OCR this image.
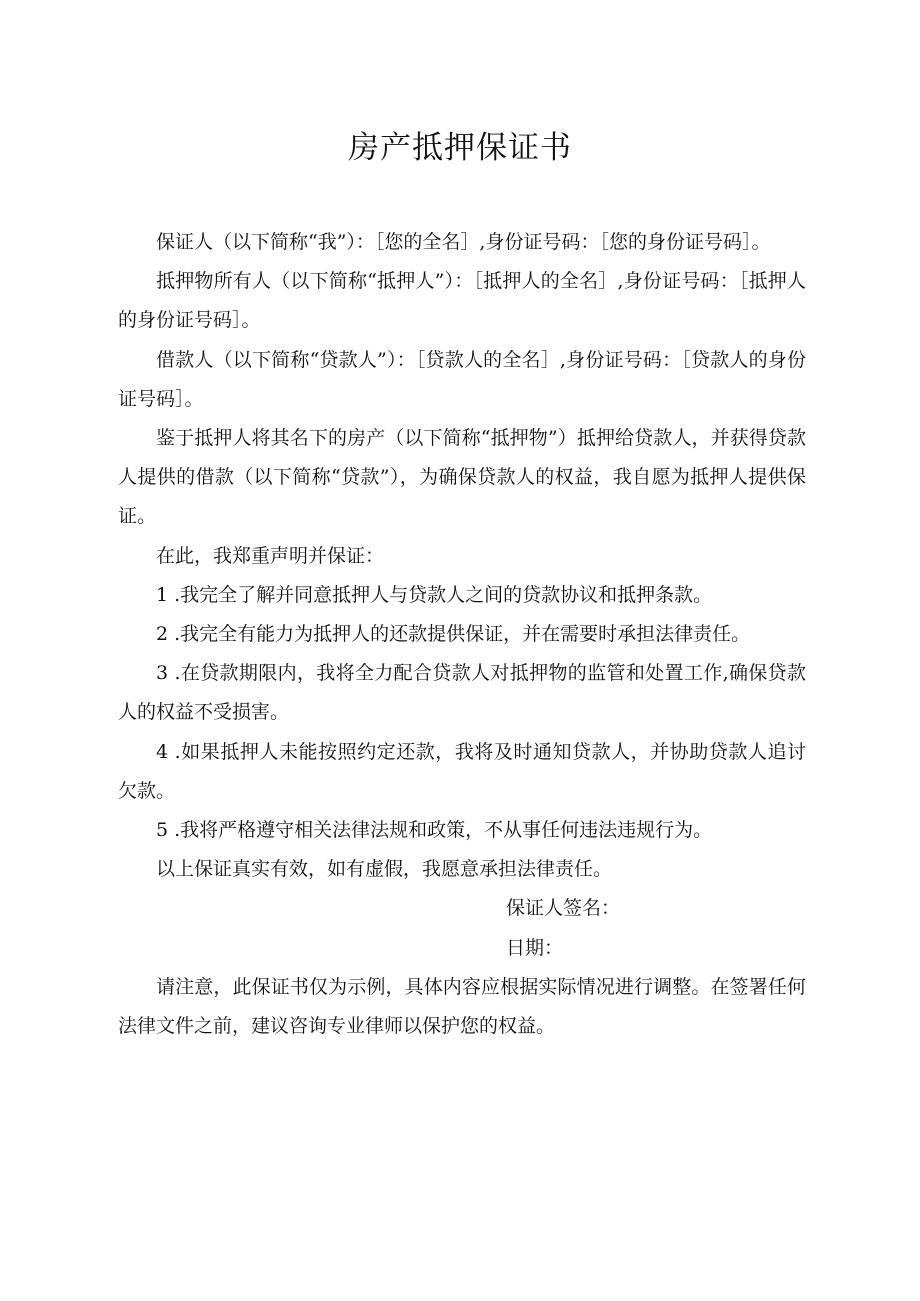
房产抵押保证书

保证人（以下简称“我”）：［您的全名］,身份证号码：［您的身份证号码］。

抵押物所有人（以下简称“抵押人”）：［抵押人的全名］,身份证号码：［抵押人的身份证号码］。

借款人（以下简称“贷款人”）：［贷款人的全名］,身份证号码：［贷款人的身份证号码］。

鉴于抵押人将其名下的房产（以下简称“抵押物”）抵押给贷款人，并获得贷款人提供的借款（以下简称“贷款”），为确保贷款人的权益，我自愿为抵押人提供保证。

在此，我郑重声明并保证：

1 .我完全了解并同意抵押人与贷款人之间的贷款协议和抵押条款。

2 .我完全有能力为抵押人的还款提供保证，并在需要时承担法律责任。

3 .在贷款期限内，我将全力配合贷款人对抵押物的监管和处置工作,确保贷款人的权益不受损害。

4 .如果抵押人未能按照约定还款，我将及时通知贷款人，并协助贷款人追讨欠款。

5 .我将严格遵守相关法律法规和政策，不从事任何违法违规行为。

以上保证真实有效，如有虚假，我愿意承担法律责任。

保证人签名：

日期：

请注意，此保证书仅为示例，具体内容应根据实际情况进行调整。在签署任何法律文件之前，建议咨询专业律师以保护您的权益。
